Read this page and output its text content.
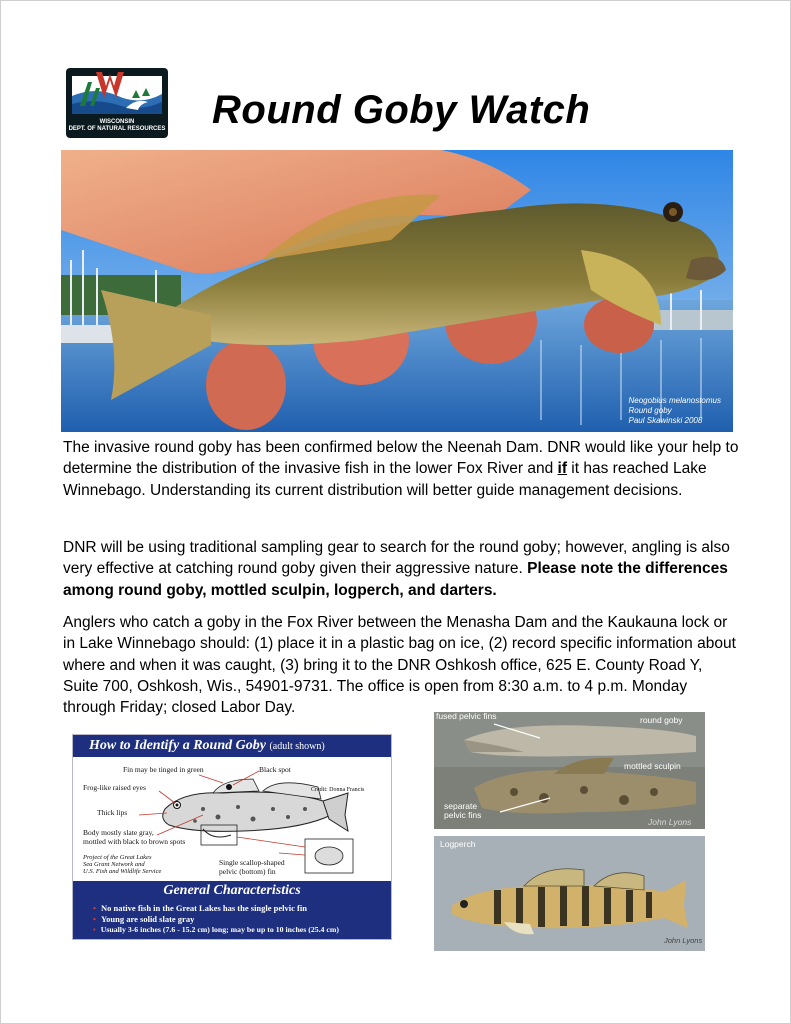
WISCONSIN
DEPT. OF NATURAL RESOURCES Round Goby Watch
Neogobius melanostomus
Round goby
Paul Skawinski 2008
The invasive round goby has been confirmed below the Neenah Dam. DNR would like your help to determine the distribution of the invasive fish in the lower Fox River and if it has reached Lake Winnebago. Understanding its current distribution will better guide management decisions.
DNR will be using traditional sampling gear to search for the round goby; however, angling is also very effective at catching round goby given their aggressive nature. Please note the differences among round goby, mottled sculpin, logperch, and darters.
Anglers who catch a goby in the Fox River between the Menasha Dam and the Kaukauna lock or in Lake Winnebago should: (1) place it in a plastic bag on ice, (2) record specific information about where and when it was caught, (3) bring it to the DNR Oshkosh office, 625 E. County Road Y, Suite 700, Oshkosh, Wis., 54901-9731. The office is open from 8:30 a.m. to 4 p.m. Monday through Friday; closed Labor Day.
How to Identify a Round Goby (adult shown)
Fin may be tinged in green	Black spot
Frog-like raised eyes	Credit: Donna Francis
Thick lips
Body mostly slate gray,
mottled with black to brown spots
Project of the Great Lakes
Sea Grant Network and
U.S. Fish and Wildlife Service
Single scallop-shaped
pelvic (bottom) fin
General Characteristics
• No native fish in the Great Lakes has the single pelvic fin
• Young are solid slate gray
• Usually 3-6 inches (7.6 - 15.2 cm) long; may be up to 10 inches (25.4 cm)
fused pelvic fins	round goby
mottled sculpin
separate
pelvic fins
John Lyons
Logperch
John Lyons
